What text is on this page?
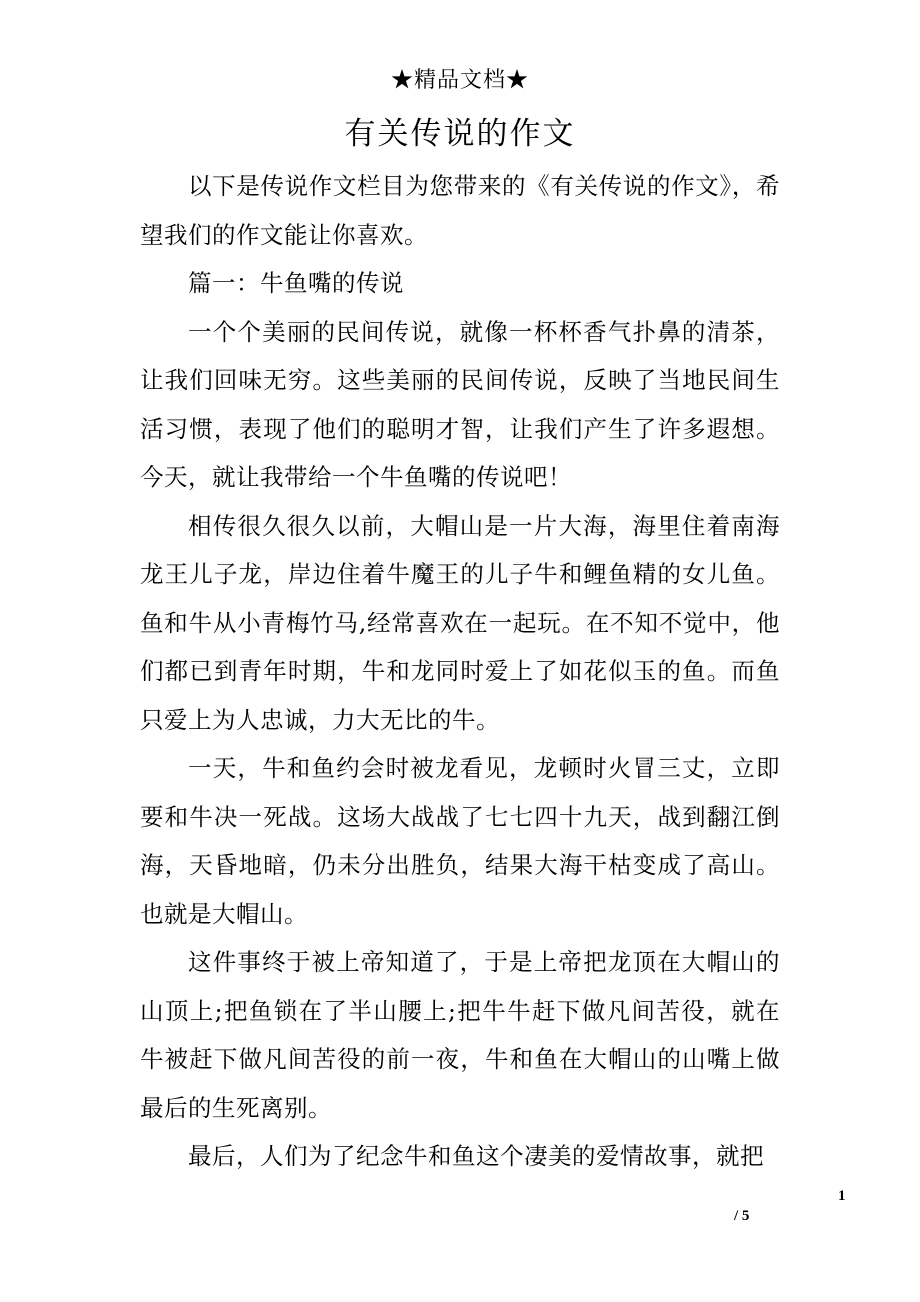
★精品文档★
有关传说的作文

以下是传说作文栏目为您带来的《有关传说的作文》，希望我们的作文能让你喜欢。

篇一：牛鱼嘴的传说

一个个美丽的民间传说，就像一杯杯香气扑鼻的清茶，让我们回味无穷。这些美丽的民间传说，反映了当地民间生活习惯，表现了他们的聪明才智，让我们产生了许多遐想。今天，就让我带给一个牛鱼嘴的传说吧！

相传很久很久以前，大帽山是一片大海，海里住着南海龙王儿子龙，岸边住着牛魔王的儿子牛和鲤鱼精的女儿鱼。鱼和牛从小青梅竹马,经常喜欢在一起玩。在不知不觉中，他们都已到青年时期，牛和龙同时爱上了如花似玉的鱼。而鱼只爱上为人忠诚，力大无比的牛。

一天，牛和鱼约会时被龙看见，龙顿时火冒三丈，立即要和牛决一死战。这场大战战了七七四十九天，战到翻江倒海，天昏地暗，仍未分出胜负，结果大海干枯变成了高山。也就是大帽山。

这件事终于被上帝知道了，于是上帝把龙顶在大帽山的山顶上;把鱼锁在了半山腰上;把牛牛赶下做凡间苦役，就在牛被赶下做凡间苦役的前一夜，牛和鱼在大帽山的山嘴上做最后的生死离别。

最后，人们为了纪念牛和鱼这个凄美的爱情故事，就把

1
/ 5
